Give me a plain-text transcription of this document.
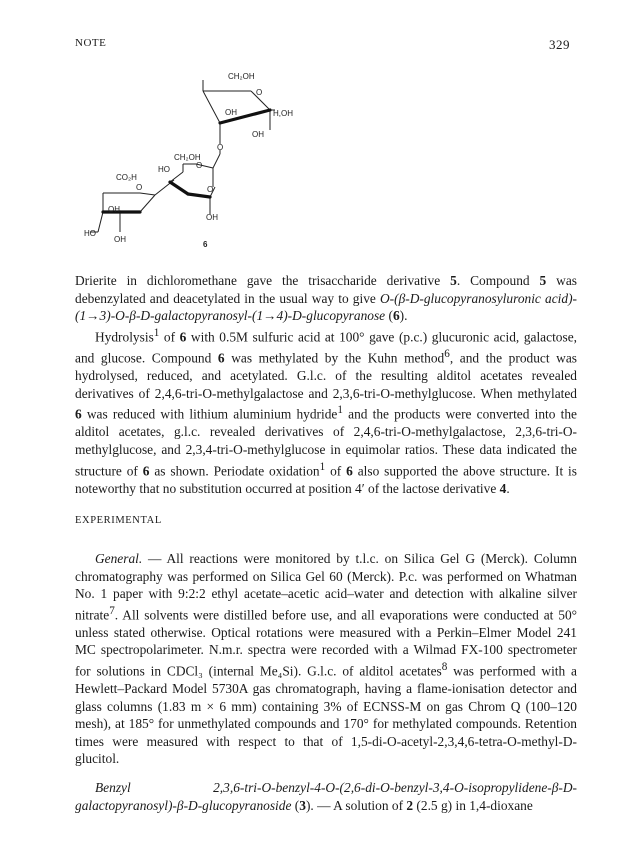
NOTE	329
CH₂OH
O
OH	H,OH
O
OH
CH₂OH
HO	O
O
OH
CO₂H
O
OH
HO
OH
6

Drierite in dichloromethane gave the trisaccharide derivative 5. Compound 5 was debenzylated and deacetylated in the usual way to give O-(β-D-glucopyranosyluronic acid)-(1→3)-O-β-D-galactopyranosyl-(1→4)-D-glucopyranose (6).

Hydrolysis$^1$ of 6 with 0.5M sulfuric acid at 100° gave (p.c.) glucuronic acid, galactose, and glucose. Compound 6 was methylated by the Kuhn method$^6$, and the product was hydrolysed, reduced, and acetylated. G.l.c. of the resulting alditol acetates revealed derivatives of 2,4,6-tri-O-methylgalactose and 2,3,6-tri-O-methylglucose. When methylated 6 was reduced with lithium aluminium hydride$^1$ and the products were converted into the alditol acetates, g.l.c. revealed derivatives of 2,4,6-tri-O-methylgalactose, 2,3,6-tri-O-methylglucose, and 2,3,4-tri-O-methylglucose in equimolar ratios. These data indicated the structure of 6 as shown. Periodate oxidation$^1$ of 6 also supported the above structure. It is noteworthy that no substitution occurred at position 4′ of the lactose derivative 4.

EXPERIMENTAL

General. — All reactions were monitored by t.l.c. on Silica Gel G (Merck). Column chromatography was performed on Silica Gel 60 (Merck). P.c. was performed on Whatman No. 1 paper with 9:2:2 ethyl acetate–acetic acid–water and detection with alkaline silver nitrate$^7$. All solvents were distilled before use, and all evaporations were conducted at 50° unless stated otherwise. Optical rotations were measured with a Perkin–Elmer Model 241 MC spectropolarimeter. N.m.r. spectra were recorded with a Wilmad FX-100 spectrometer for solutions in CDCl₃ (internal Me₄Si). G.l.c. of alditol acetates$^8$ was performed with a Hewlett–Packard Model 5730A gas chromatograph, having a flame-ionisation detector and glass columns (1.83 m × 6 mm) containing 3% of ECNSS-M on gas Chrom Q (100–120 mesh), at 185° for unmethylated compounds and 170° for methylated compounds. Retention times were measured with respect to that of 1,5-di-O-acetyl-2,3,4,6-tetra-O-methyl-D-glucitol.

Benzyl 2,3,6-tri-O-benzyl-4-O-(2,6-di-O-benzyl-3,4-O-isopropylidene-β-D-galactopyranosyl)-β-D-glucopyranoside (3). — A solution of 2 (2.5 g) in 1,4-dioxane
